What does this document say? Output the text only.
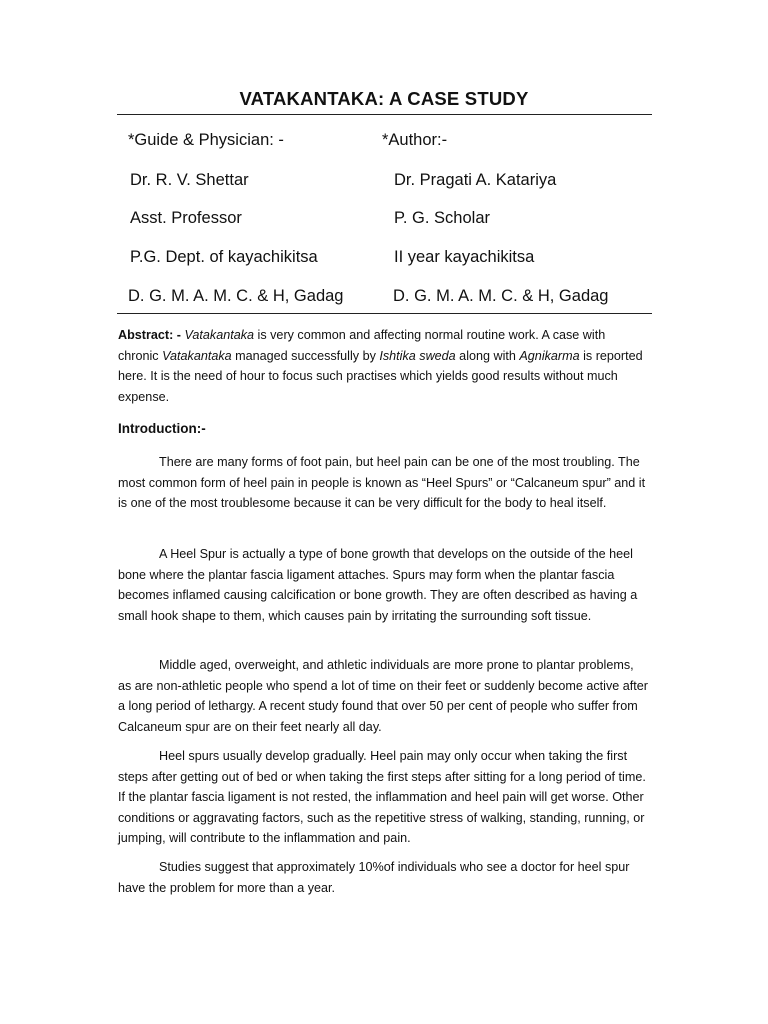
VATAKANTAKA: A CASE STUDY
*Guide & Physician: -
Dr. R. V. Shettar
Asst. Professor
P.G. Dept. of kayachikitsa
D. G. M. A. M. C. & H, Gadag
*Author:-
Dr. Pragati A. Katariya
P. G. Scholar
II year kayachikitsa
D. G. M. A. M. C. & H, Gadag
Abstract: - Vatakantaka is very common and affecting normal routine work. A case with chronic Vatakantaka managed successfully by Ishtika sweda along with Agnikarma is reported here. It is the need of hour to focus such practises which yields good results without much expense.
Introduction:-
There are many forms of foot pain, but heel pain can be one of the most troubling. The most common form of heel pain in people is known as “Heel Spurs” or “Calcaneum spur” and it is one of the most troublesome because it can be very difficult for the body to heal itself.
A Heel Spur is actually a type of bone growth that develops on the outside of the heel bone where the plantar fascia ligament attaches. Spurs may form when the plantar fascia becomes inflamed causing calcification or bone growth. They are often described as having a small hook shape to them, which causes pain by irritating the surrounding soft tissue.
Middle aged, overweight, and athletic individuals are more prone to plantar problems, as are non-athletic people who spend a lot of time on their feet or suddenly become active after a long period of lethargy. A recent study found that over 50 per cent of people who suffer from Calcaneum spur are on their feet nearly all day.
Heel spurs usually develop gradually. Heel pain may only occur when taking the first steps after getting out of bed or when taking the first steps after sitting for a long period of time. If the plantar fascia ligament is not rested, the inflammation and heel pain will get worse. Other conditions or aggravating factors, such as the repetitive stress of walking, standing, running, or jumping, will contribute to the inflammation and pain.
Studies suggest that approximately 10%of individuals who see a doctor for heel spur have the problem for more than a year.
